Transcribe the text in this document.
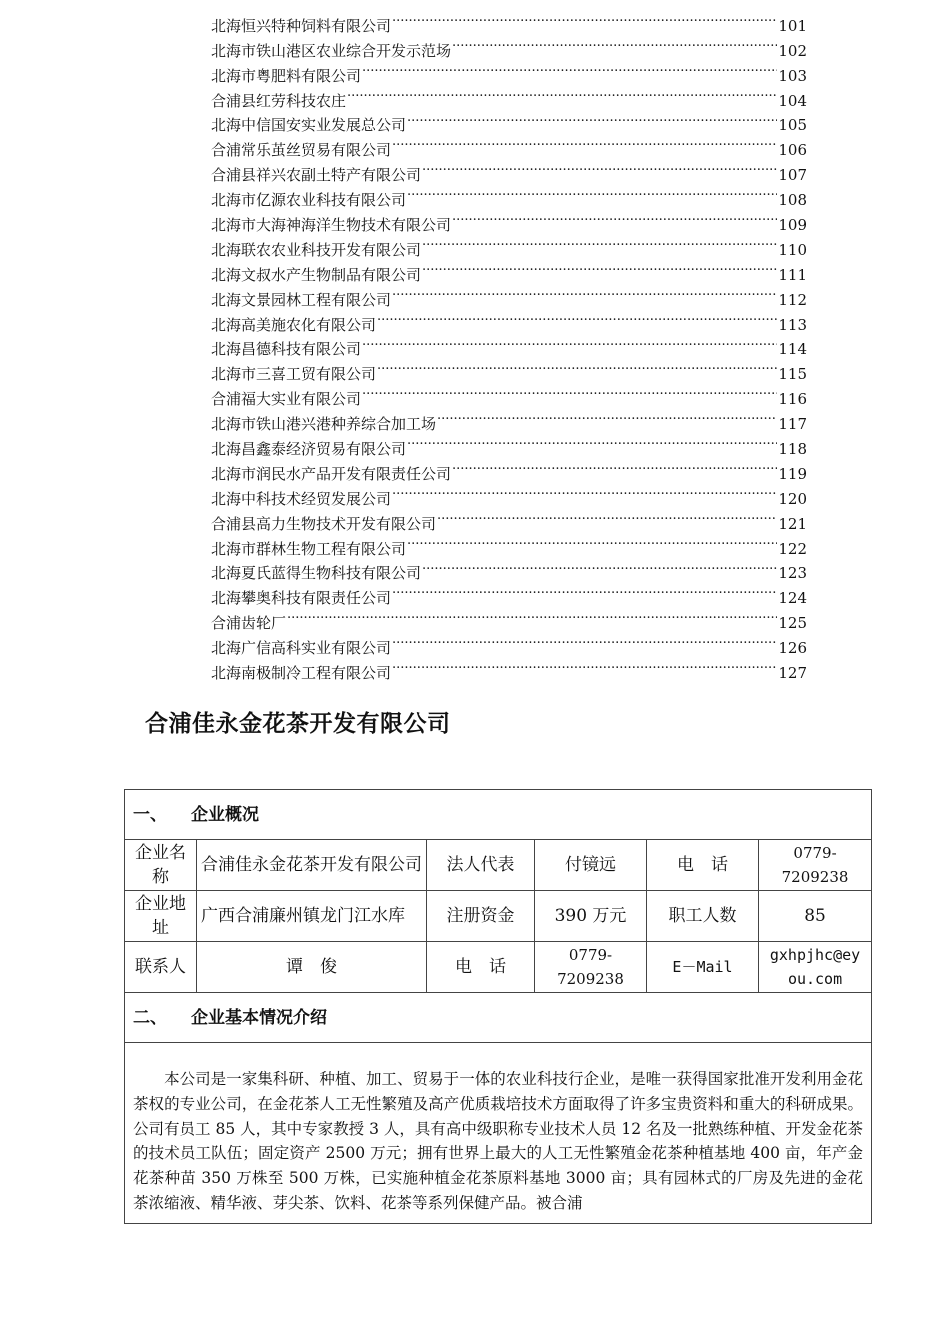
北海恒兴特种饲料有限公司 .....	101
北海市铁山港区农业综合开发示范场 .....	102
北海市粤肥料有限公司 .....	103
合浦县红劳科技农庄 .....	104
北海中信国安实业发展总公司 .....	105
合浦常乐茧丝贸易有限公司 .....	106
合浦县祥兴农副土特产有限公司 .....	107
北海市亿源农业科技有限公司 .....	108
北海市大海神海洋生物技术有限公司 .....	109
北海联农农业科技开发有限公司 .....	110
北海文叔水产生物制品有限公司 .....	111
北海文景园林工程有限公司 .....	112
北海高美施农化有限公司 .....	113
北海昌德科技有限公司 .....	114
北海市三喜工贸有限公司 .....	115
合浦福大实业有限公司 .....	116
北海市铁山港兴港种养综合加工场 .....	117
北海昌鑫泰经济贸易有限公司 .....	118
北海市润民水产品开发有限责任公司 .....	119
北海中科技术经贸发展公司 .....	120
合浦县高力生物技术开发有限公司 .....	121
北海市群林生物工程有限公司 .....	122
北海夏氏蓝得生物科技有限公司 .....	123
北海攀奥科技有限责任公司 .....	124
合浦齿轮厂 .....	125
北海广信高科实业有限公司 .....	126
北海南极制冷工程有限公司 .....	127
合浦佳永金花茶开发有限公司
一、 企业概况					
企业名称	合浦佳永金花茶开发有限公司	法人代表	付镜远	电　话	0779-7209238
企业地址	广西合浦廉州镇龙门江水库	注册资金	390 万元	职工人数	85
联系人	谭　俊	电　话	0779-7209238	E－Mail	gxhpjhc@eyou.com
二、 企业基本情况介绍					
　　本公司是一家集科研、种植、加工、贸易于一体的农业科技行企业，是唯一获得国家批准开发利用金花茶权的专业公司，在金花茶人工无性繁殖及高产优质栽培技术方面取得了许多宝贵资料和重大的科研成果。公司有员工 85 人，其中专家教授 3 人，具有高中级职称专业技术人员 12 名及一批熟练种植、开发金花茶的技术员工队伍；固定资产 2500 万元；拥有世界上最大的人工无性繁殖金花茶种植基地 400 亩，年产金花茶种苗 350 万株至 500 万株，已实施种植金花茶原料基地 3000 亩；具有园林式的厂房及先进的金花茶浓缩液、精华液、芽尖茶、饮料、花茶等系列保健产品。被合浦					
